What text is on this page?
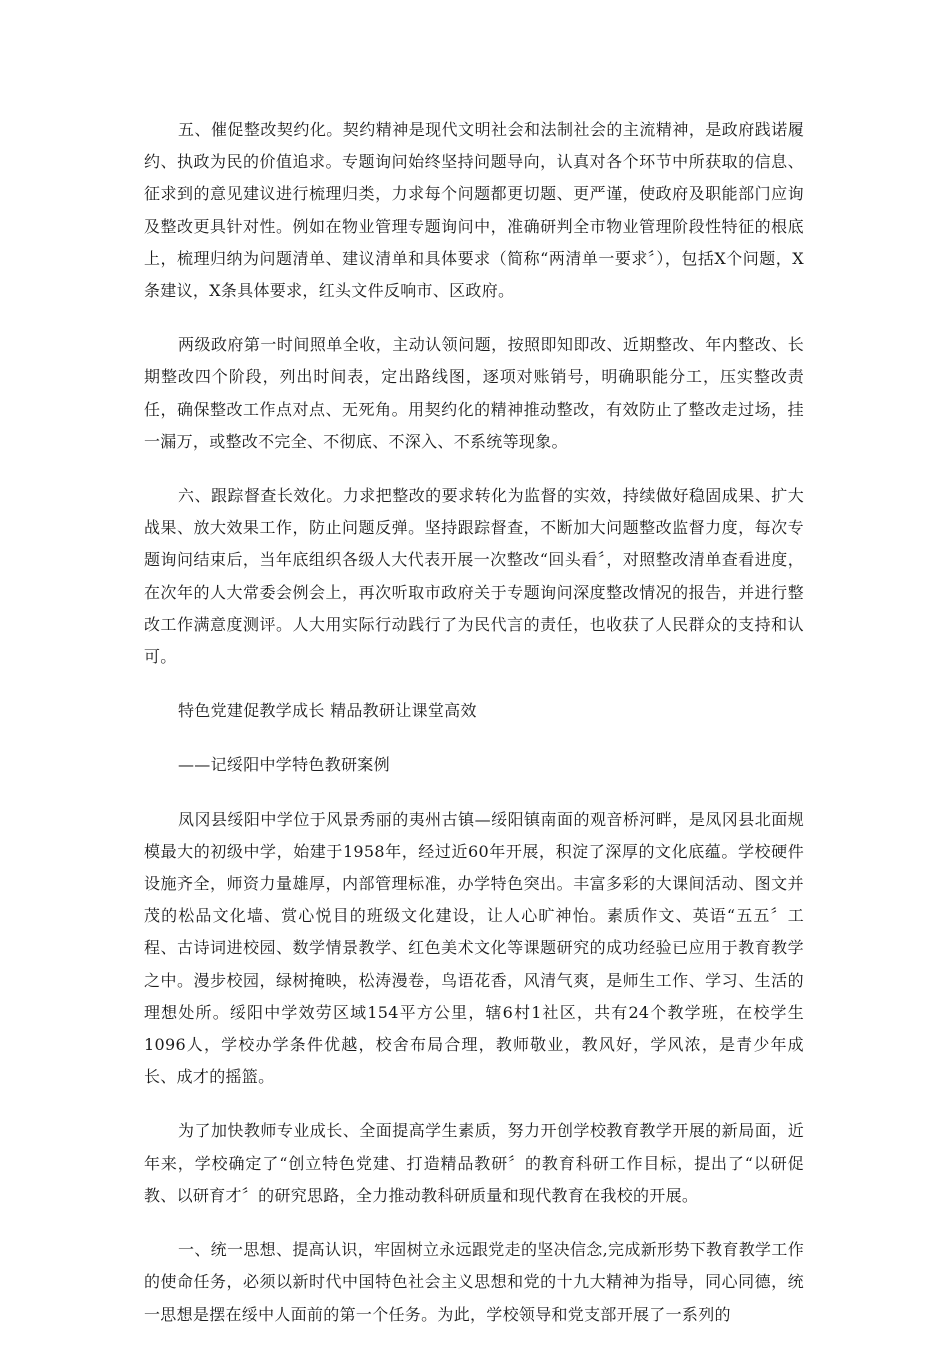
五、催促整改契约化。契约精神是现代文明社会和法制社会的主流精神，是政府践诺履约、执政为民的价值追求。专题询问始终坚持问题导向，认真对各个环节中所获取的信息、征求到的意见建议进行梳理归类，力求每个问题都更切题、更严谨，使政府及职能部门应询及整改更具针对性。例如在物业管理专题询问中，准确研判全市物业管理阶段性特征的根底上，梳理归纳为问题清单、建议清单和具体要求（简称“两清单一要求〞），包括X个问题，X条建议，X条具体要求，红头文件反响市、区政府。

两级政府第一时间照单全收，主动认领问题，按照即知即改、近期整改、年内整改、长期整改四个阶段，列出时间表，定出路线图，逐项对账销号，明确职能分工，压实整改责任，确保整改工作点对点、无死角。用契约化的精神推动整改，有效防止了整改走过场，挂一漏万，或整改不完全、不彻底、不深入、不系统等现象。

六、跟踪督查长效化。力求把整改的要求转化为监督的实效，持续做好稳固成果、扩大战果、放大效果工作，防止问题反弹。坚持跟踪督查，不断加大问题整改监督力度，每次专题询问结束后，当年底组织各级人大代表开展一次整改“回头看〞，对照整改清单查看进度，在次年的人大常委会例会上，再次听取市政府关于专题询问深度整改情况的报告，并进行整改工作满意度测评。人大用实际行动践行了为民代言的责任，也收获了人民群众的支持和认可。

特色党建促教学成长 精品教研让课堂高效

——记绥阳中学特色教研案例

凤冈县绥阳中学位于风景秀丽的夷州古镇—绥阳镇南面的观音桥河畔，是凤冈县北面规模最大的初级中学，始建于1958年，经过近60年开展，积淀了深厚的文化底蕴。学校硬件设施齐全，师资力量雄厚，内部管理标准，办学特色突出。丰富多彩的大课间活动、图文并茂的松品文化墙、赏心悦目的班级文化建设，让人心旷神怡。素质作文、英语“五五〞工程、古诗词进校园、数学情景教学、红色美术文化等课题研究的成功经验已应用于教育教学之中。漫步校园，绿树掩映，松涛漫卷，鸟语花香，风清气爽，是师生工作、学习、生活的理想处所。绥阳中学效劳区域154平方公里，辖6村1社区，共有24个教学班，在校学生1096人，学校办学条件优越，校舍布局合理，教师敬业，教风好，学风浓，是青少年成长、成才的摇篮。

为了加快教师专业成长、全面提高学生素质，努力开创学校教育教学开展的新局面，近年来，学校确定了“创立特色党建、打造精品教研〞的教育科研工作目标，提出了“以研促教、以研育才〞的研究思路，全力推动教科研质量和现代教育在我校的开展。

一、统一思想、提高认识，牢固树立永远跟党走的坚决信念,完成新形势下教育教学工作的使命任务，必须以新时代中国特色社会主义思想和党的十九大精神为指导，同心同德，统一思想是摆在绥中人面前的第一个任务。为此，学校领导和党支部开展了一系列的
